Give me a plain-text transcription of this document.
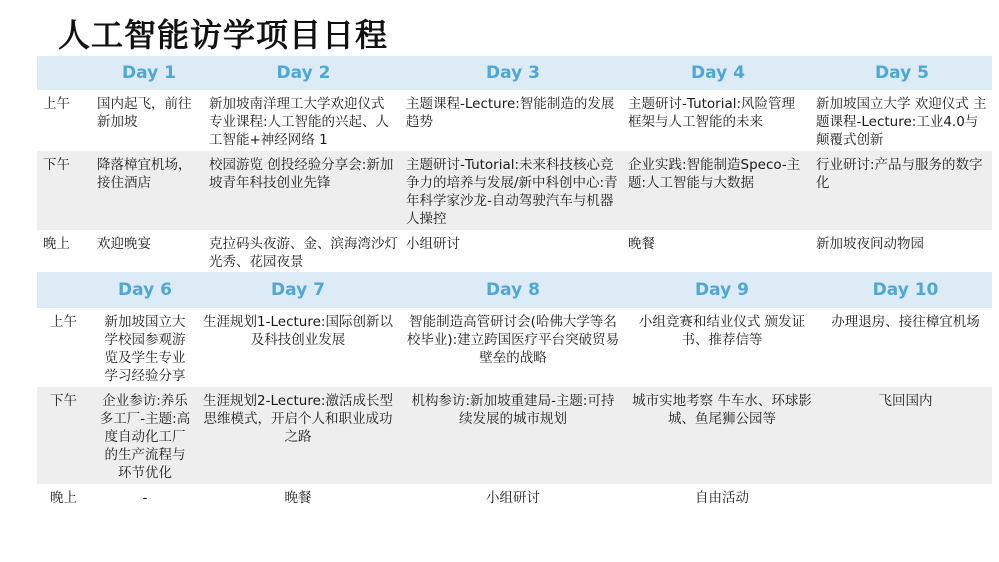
人工智能访学项目日程
	Day 1	Day 2	Day 3	Day 4	Day 5
上午	国内起飞，前往新加坡	新加坡南洋理工大学欢迎仪式 专业课程:人工智能的兴起、人工智能+神经网络 1	主题课程-Lecture:智能制造的发展趋势	主题研讨-Tutorial:风险管理框架与人工智能的未来	新加坡国立大学 欢迎仪式 主题课程-Lecture:工业4.0与颠覆式创新
下午	降落樟宜机场，接住酒店	校园游览 创投经验分享会:新加坡青年科技创业先锋	主题研讨-Tutorial:未来科技核心竞争力的培养与发展/新中科创中心:青年科学家沙龙-自动驾驶汽车与机器人操控	企业实践:智能制造Speco-主题:人工智能与大数据	行业研讨:产品与服务的数字化
晚上	欢迎晚宴	克拉码头夜游、金、滨海湾沙灯光秀、花园夜景	小组研讨	晚餐	新加坡夜间动物园
	Day 6	Day 7	Day 8	Day 9	Day 10
上午	新加坡国立大学校园参观游览及学生专业学习经验分享	生涯规划1-Lecture:国际创新以及科技创业发展	智能制造高管研讨会(哈佛大学等名校毕业):建立跨国医疗平台突破贸易壁垒的战略	小组竞赛和结业仪式 颁发证书、推荐信等	办理退房、接往樟宜机场
下午	企业参访:养乐多工厂-主题:高度自动化工厂的生产流程与环节优化	生涯规划2-Lecture:激活成长型思维模式，开启个人和职业成功之路	机构参访:新加坡重建局-主题:可持续发展的城市规划	城市实地考察 牛车水、环球影城、鱼尾狮公园等	飞回国内
晚上	-	晚餐	小组研讨	自由活动	
